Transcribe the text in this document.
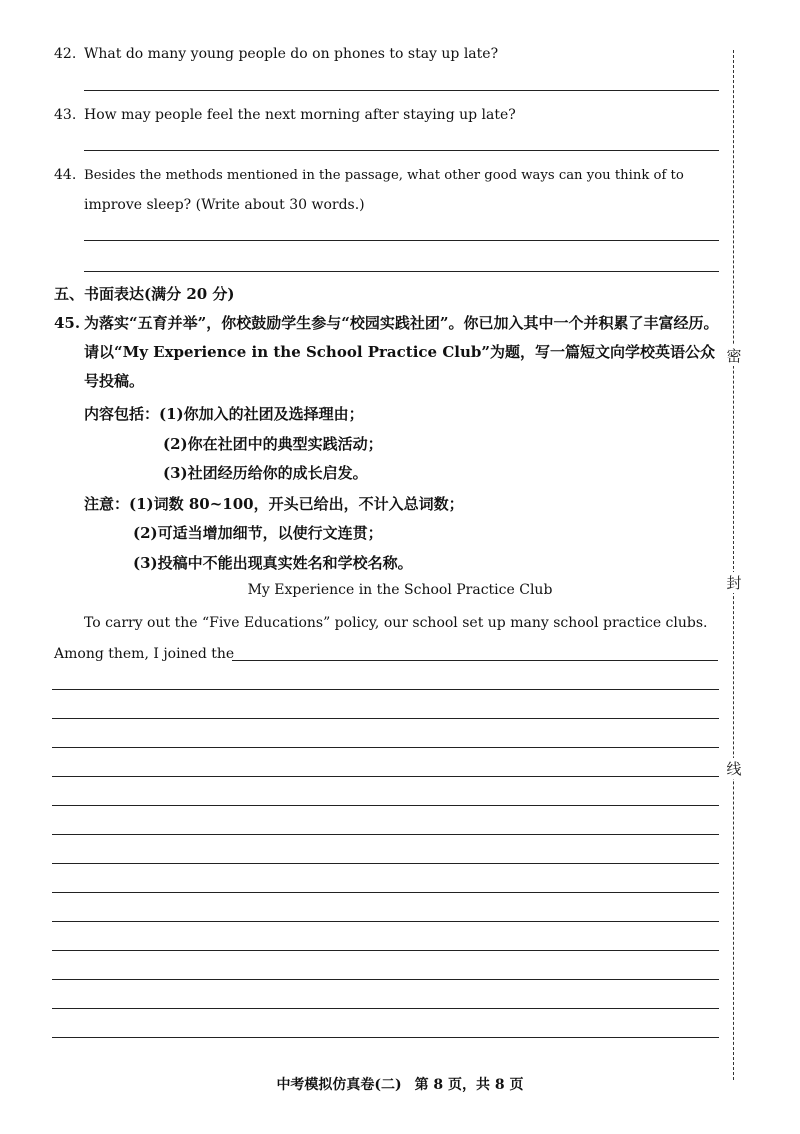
42. What do many young people do on phones to stay up late?
43. How may people feel the next morning after staying up late?
44. Besides the methods mentioned in the passage, what other good ways can you think of to
improve sleep? (Write about 30 words.)
五、书面表达(满分 20 分)
45. 为落实“五育并举”，你校鼓励学生参与“校园实践社团”。你已加入其中一个并积累了丰富经历。请以“My Experience in the School Practice Club”为题，写一篇短文向学校英语公众号投稿。
内容包括：(1)你加入的社团及选择理由；
(2)你在社团中的典型实践活动；
(3)社团经历给你的成长启发。
注意：(1)词数 80~100，开头已给出，不计入总词数；
(2)可适当增加细节，以使行文连贯；
(3)投稿中不能出现真实姓名和学校名称。
My Experience in the School Practice Club
To carry out the “Five Educations” policy, our school set up many school practice clubs.
Among them, I joined the
密
封
线
中考模拟仿真卷(二) 第 8 页，共 8 页
